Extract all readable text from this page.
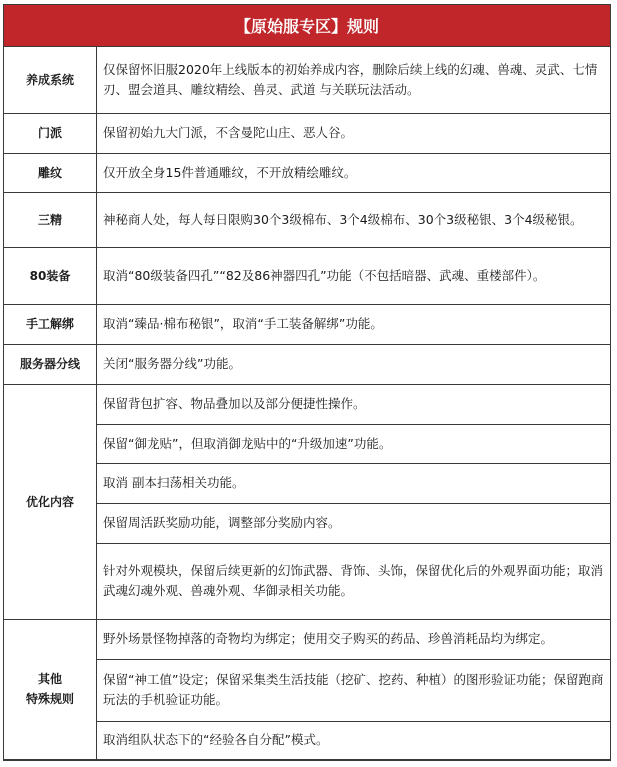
【原始服专区】规则
养成系统	仅保留怀旧服2020年上线版本的初始养成内容，删除后续上线的幻魂、兽魂、灵武、七情刃、盟会道具、雕纹精绘、兽灵、武道 与关联玩法活动。
门派	保留初始九大门派，不含曼陀山庄、恶人谷。
雕纹	仅开放全身15件普通雕纹，不开放精绘雕纹。
三精	神秘商人处，每人每日限购30个3级棉布、3个4级棉布、30个3级秘银、3个4级秘银。
80装备	取消“80级装备四孔”“82及86神器四孔”功能（不包括暗器、武魂、重楼部件）。
手工解绑	取消“臻品·棉布秘银”，取消“手工装备解绑”功能。
服务器分线	关闭“服务器分线”功能。
优化内容	保留背包扩容、物品叠加以及部分便捷性操作。
	保留“御龙贴”，但取消御龙贴中的“升级加速”功能。
	取消 副本扫荡相关功能。
	保留周活跃奖励功能，调整部分奖励内容。
	针对外观模块，保留后续更新的幻饰武器、背饰、头饰，保留优化后的外观界面功能；取消武魂幻魂外观、兽魂外观、华御录相关功能。

其他
特殊规则	野外场景怪物掉落的奇物均为绑定；使用交子购买的药品、珍兽消耗品均为绑定。
	保留“神工值”设定；保留采集类生活技能（挖矿、挖药、种植）的图形验证功能；保留跑商玩法的手机验证功能。
	取消组队状态下的“经验各自分配”模式。
